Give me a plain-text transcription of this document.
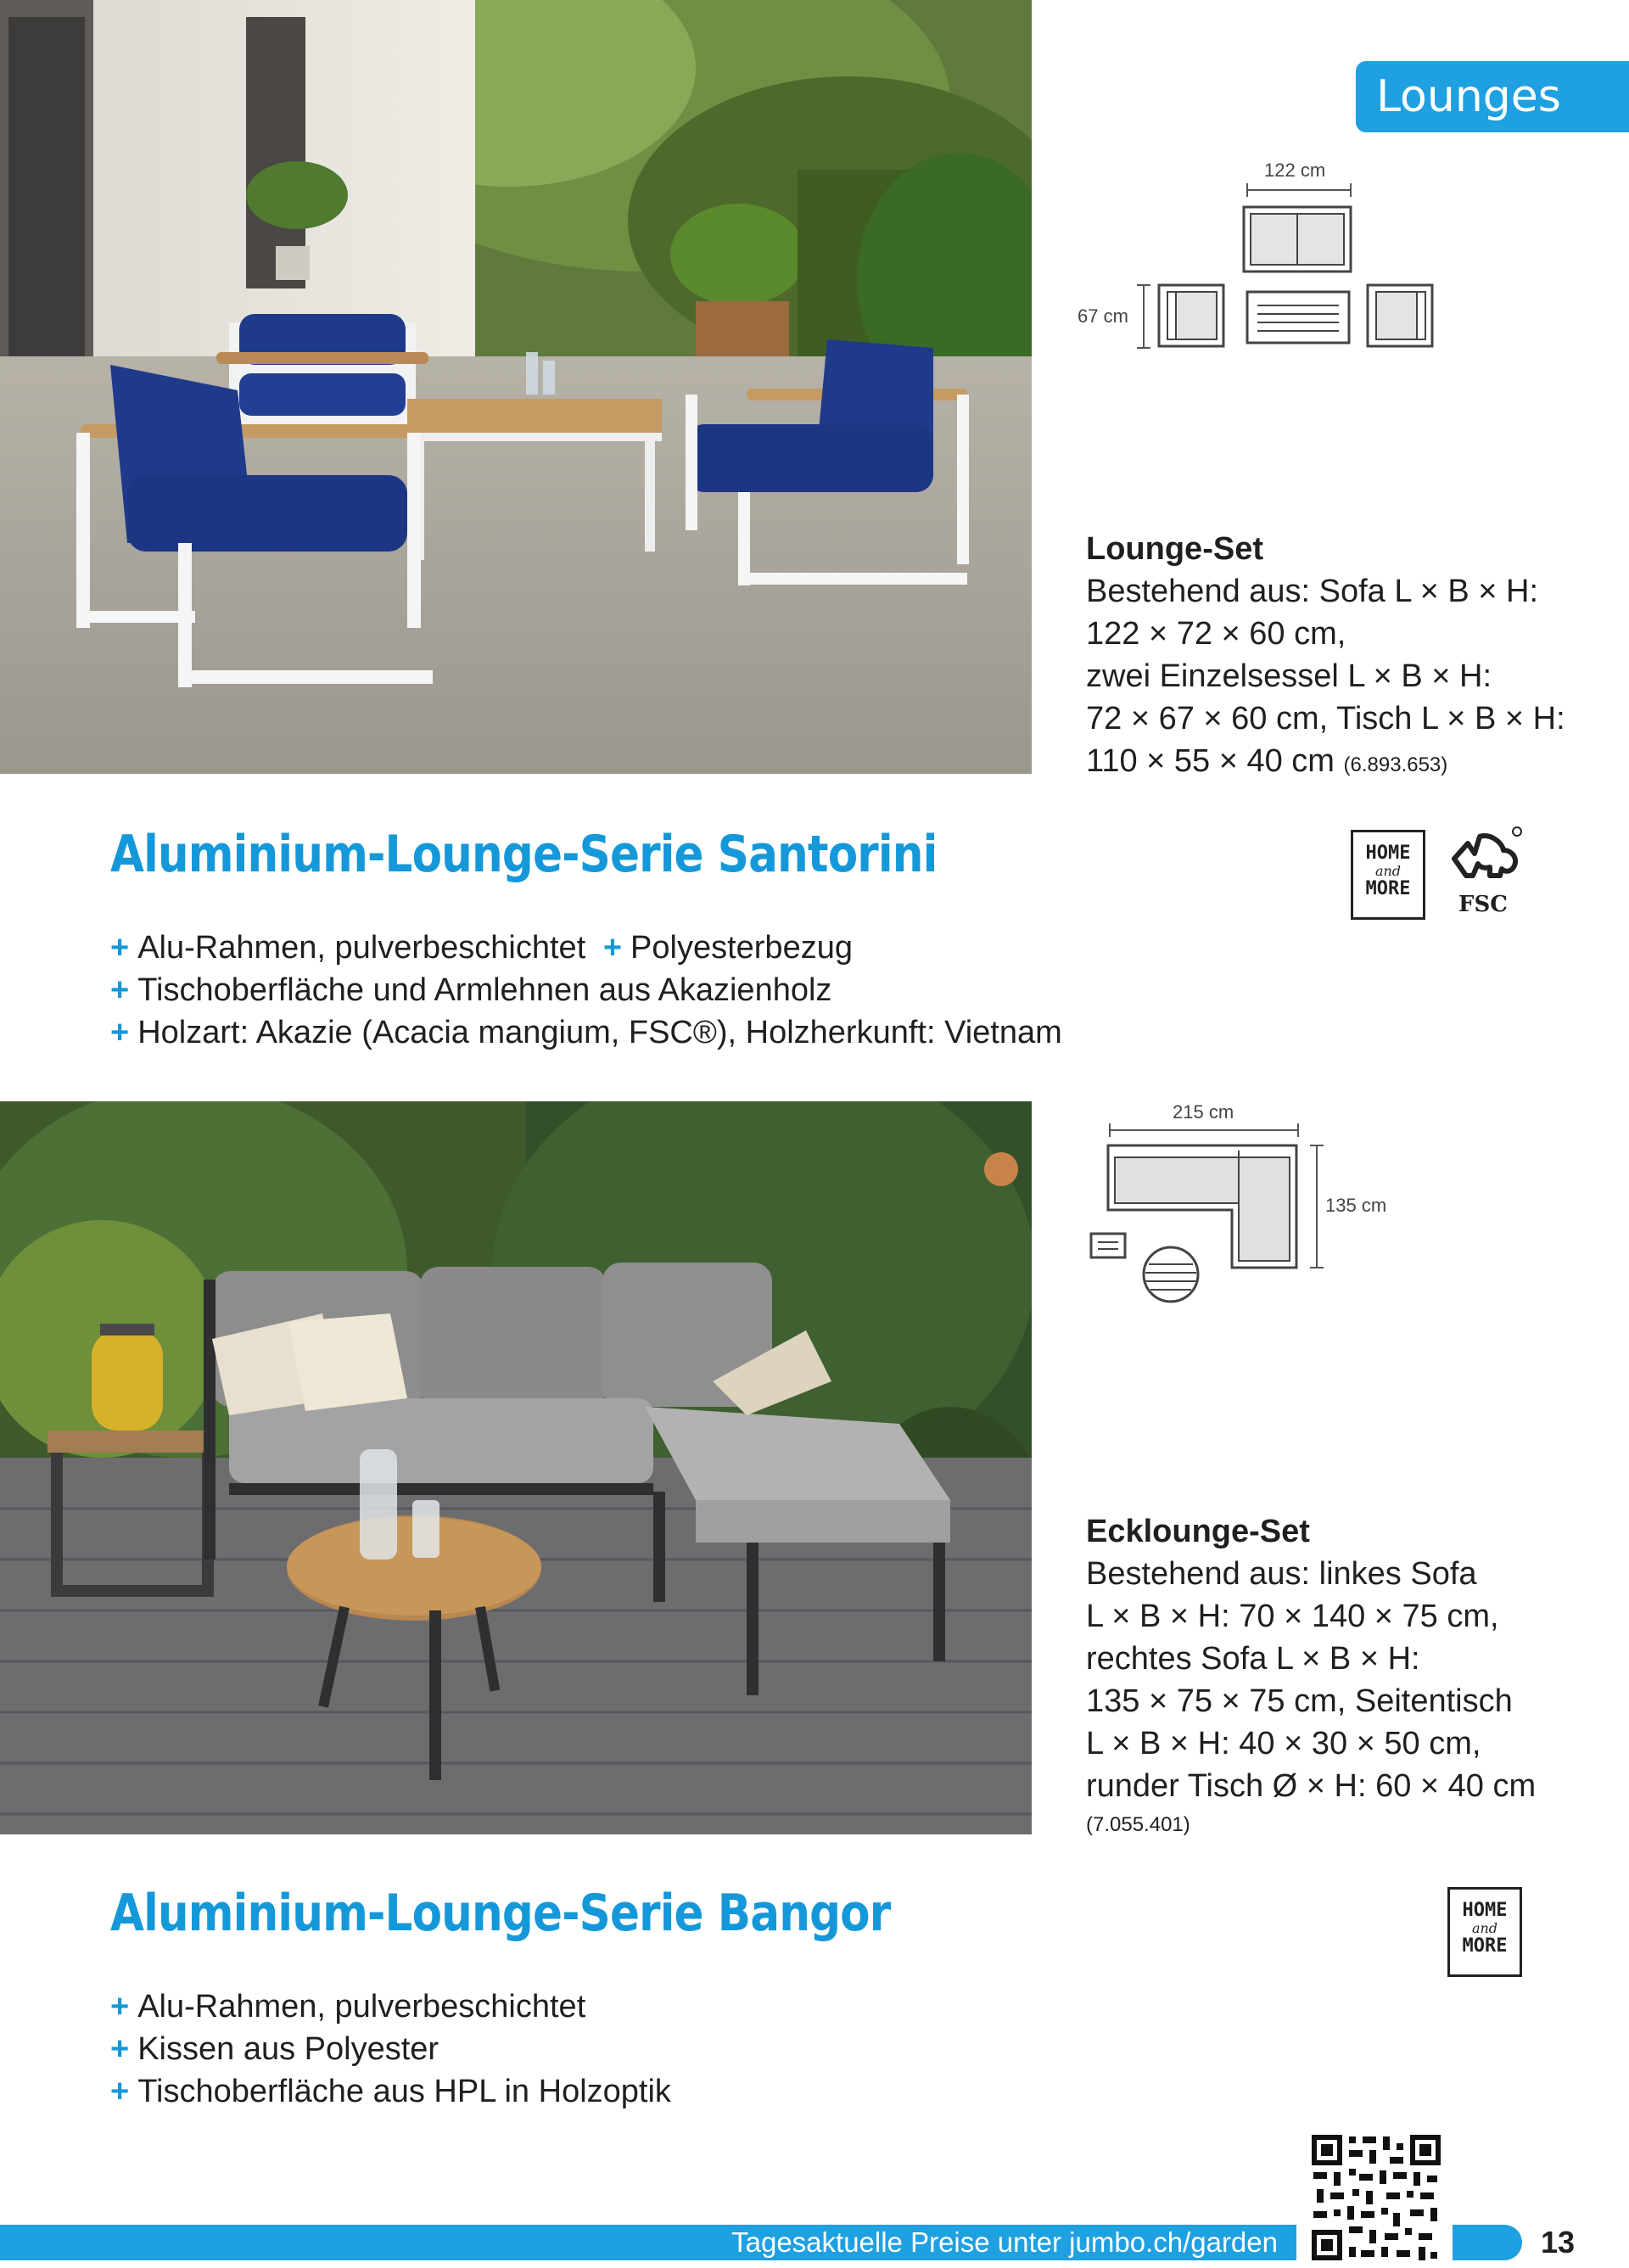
Lounges
122 cm
67 cm
Lounge-Set
Bestehend aus: Sofa L × B × H:
122 × 72 × 60 cm,
zwei Einzelsessel L × B × H:
72 × 67 × 60 cm, Tisch L × B × H:
110 × 55 × 40 cm (6.893.653)
HOME
and
MORE
FSC
Aluminium-Lounge-Serie Santorini
+ Alu-Rahmen, pulverbeschichtet + Polyesterbezug
+ Tischoberfläche und Armlehnen aus Akazienholz
+ Holzart: Akazie (Acacia mangium, FSC®), Holzherkunft: Vietnam
215 cm
135 cm
Ecklounge-Set
Bestehend aus: linkes Sofa
L × B × H: 70 × 140 × 75 cm,
rechtes Sofa L × B × H:
135 × 75 × 75 cm, Seitentisch
L × B × H: 40 × 30 × 50 cm,
runder Tisch Ø × H: 60 × 40 cm
(7.055.401)
HOME
and
MORE
Aluminium-Lounge-Serie Bangor
+ Alu-Rahmen, pulverbeschichtet
+ Kissen aus Polyester
+ Tischoberfläche aus HPL in Holzoptik
Tagesaktuelle Preise unter jumbo.ch/garden	13
